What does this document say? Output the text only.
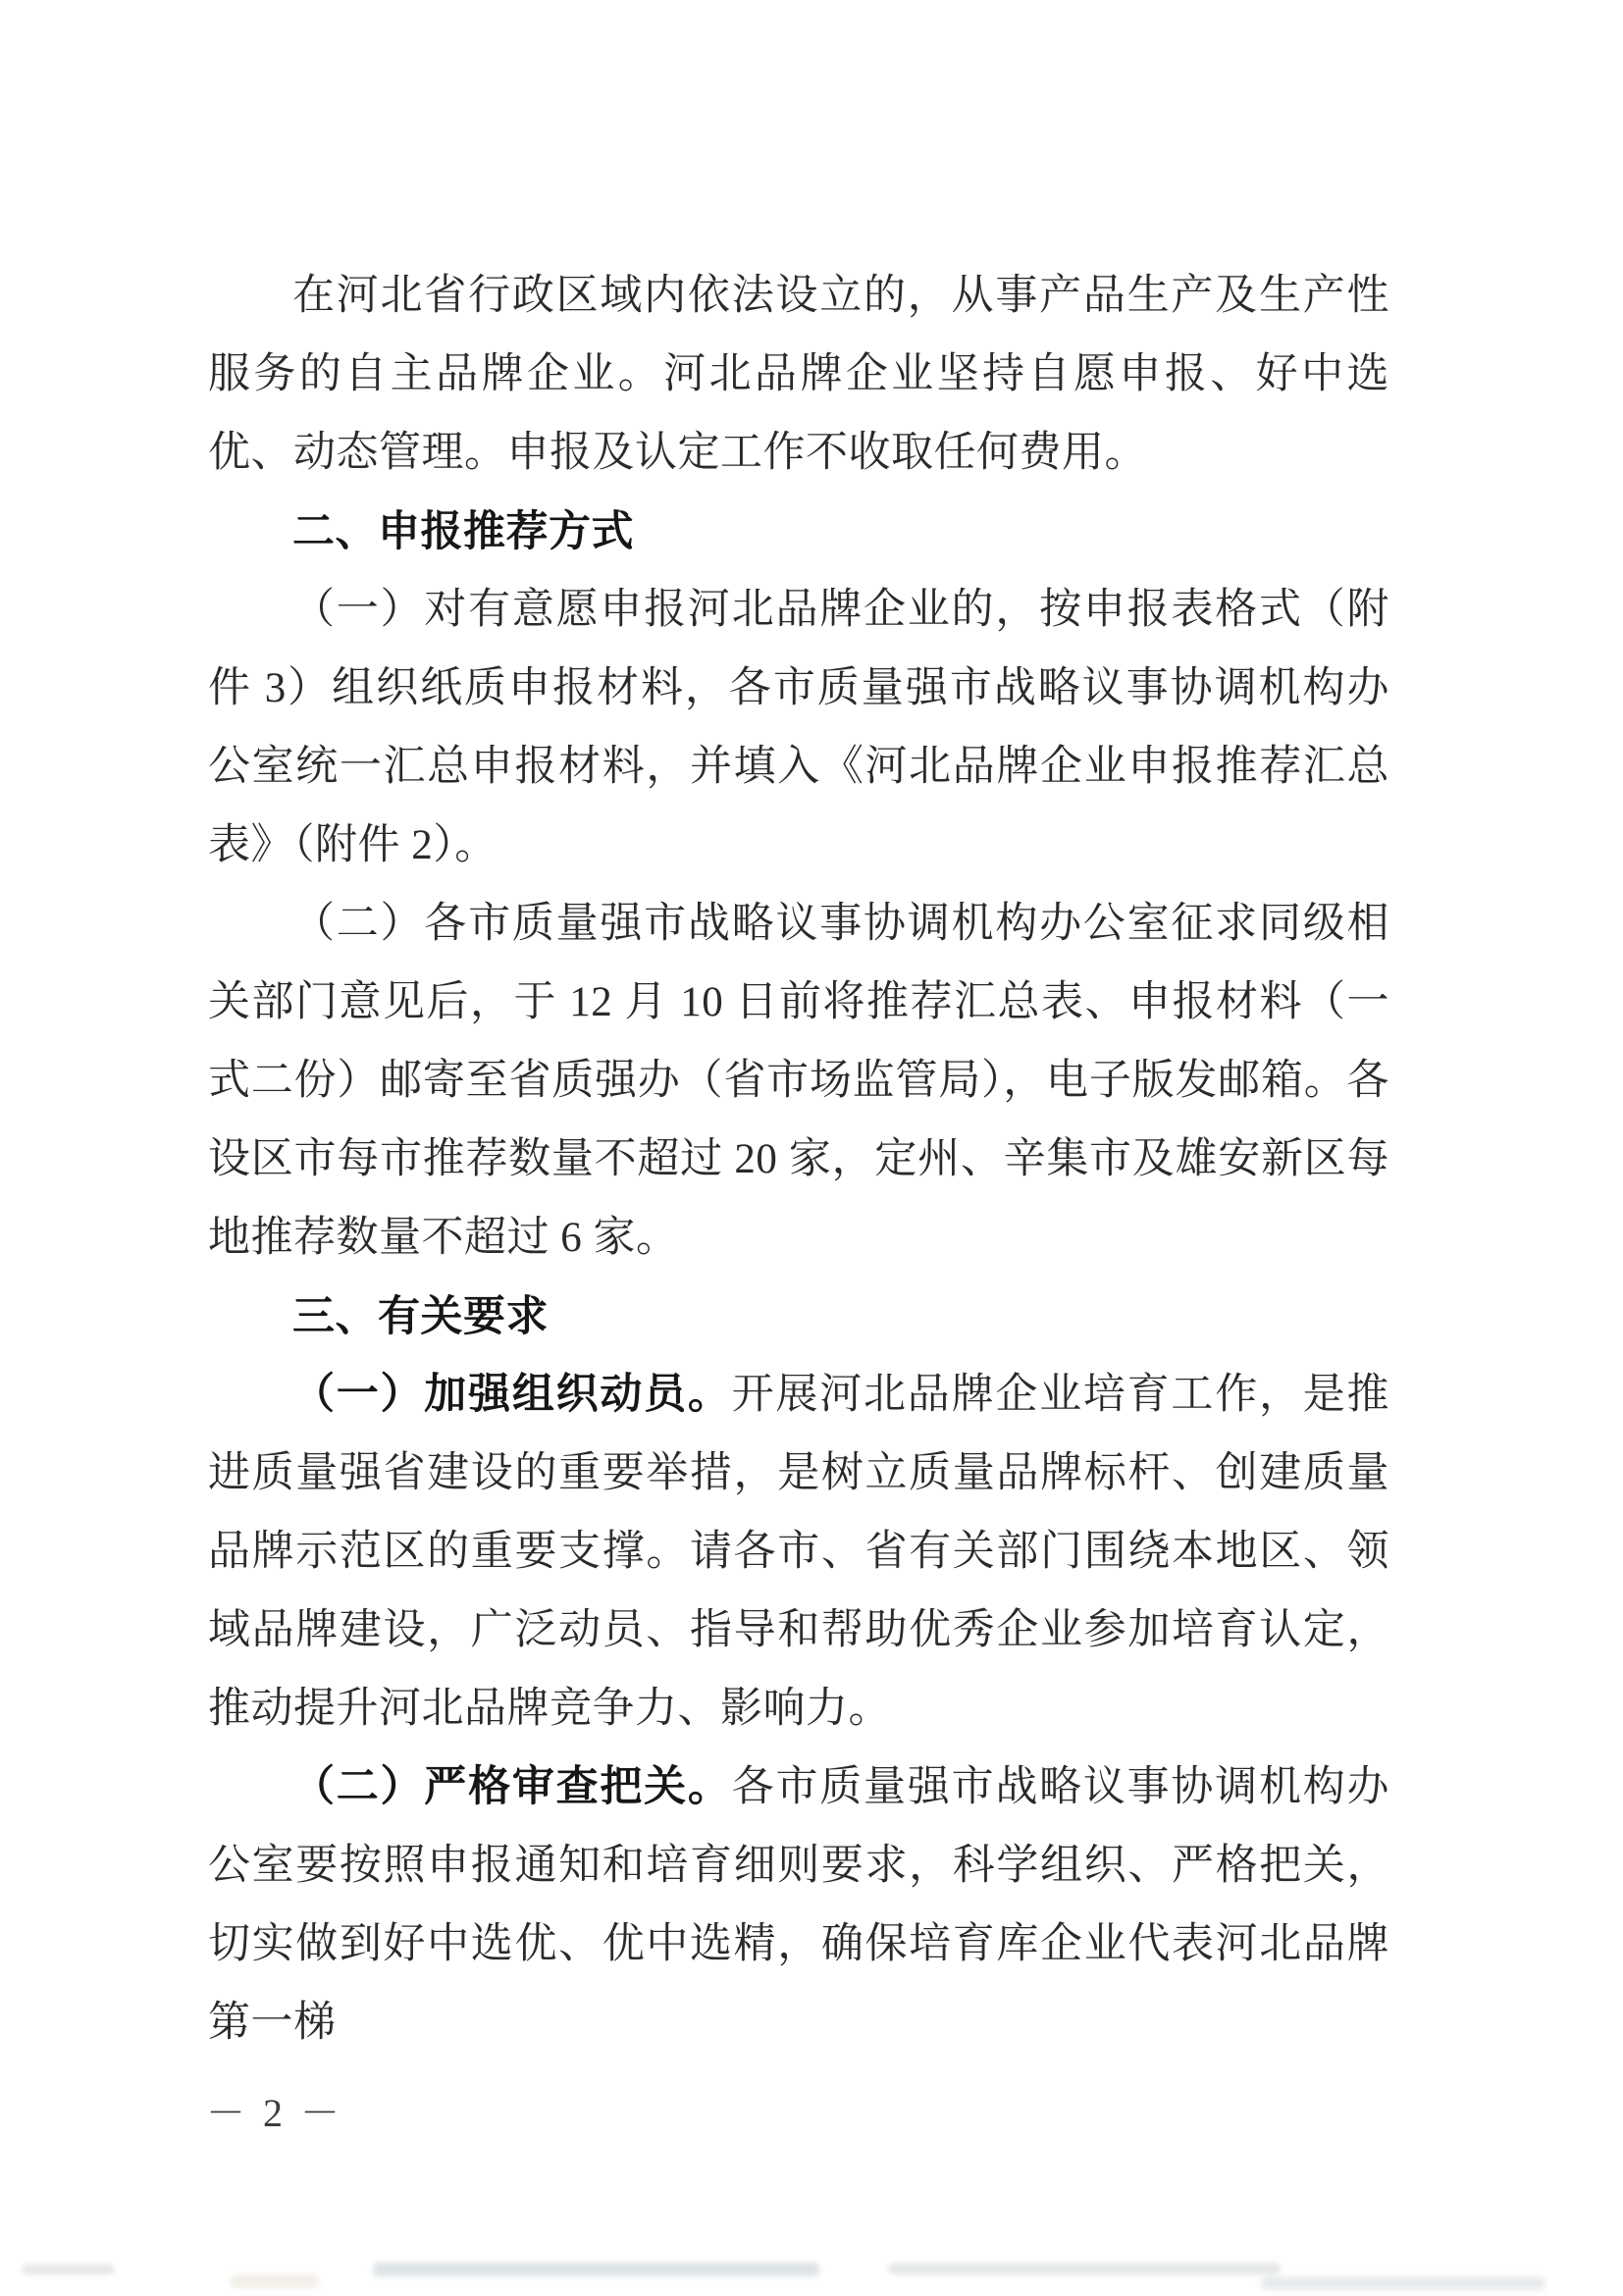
在河北省行政区域内依法设立的，从事产品生产及生产性服务的自主品牌企业。河北品牌企业坚持自愿申报、好中选优、动态管理。申报及认定工作不收取任何费用。

二、申报推荐方式

（一）对有意愿申报河北品牌企业的，按申报表格式（附件 3）组织纸质申报材料，各市质量强市战略议事协调机构办公室统一汇总申报材料，并填入《河北品牌企业申报推荐汇总表》（附件 2）。

（二）各市质量强市战略议事协调机构办公室征求同级相关部门意见后，于 12 月 10 日前将推荐汇总表、申报材料（一式二份）邮寄至省质强办（省市场监管局），电子版发邮箱。各设区市每市推荐数量不超过 20 家，定州、辛集市及雄安新区每地推荐数量不超过 6 家。

三、有关要求

（一）加强组织动员。开展河北品牌企业培育工作，是推进质量强省建设的重要举措，是树立质量品牌标杆、创建质量品牌示范区的重要支撑。请各市、省有关部门围绕本地区、领域品牌建设，广泛动员、指导和帮助优秀企业参加培育认定，推动提升河北品牌竞争力、影响力。

（二）严格审查把关。各市质量强市战略议事协调机构办公室要按照申报通知和培育细则要求，科学组织、严格把关，切实做到好中选优、优中选精，确保培育库企业代表河北品牌第一梯

－ 2 －
